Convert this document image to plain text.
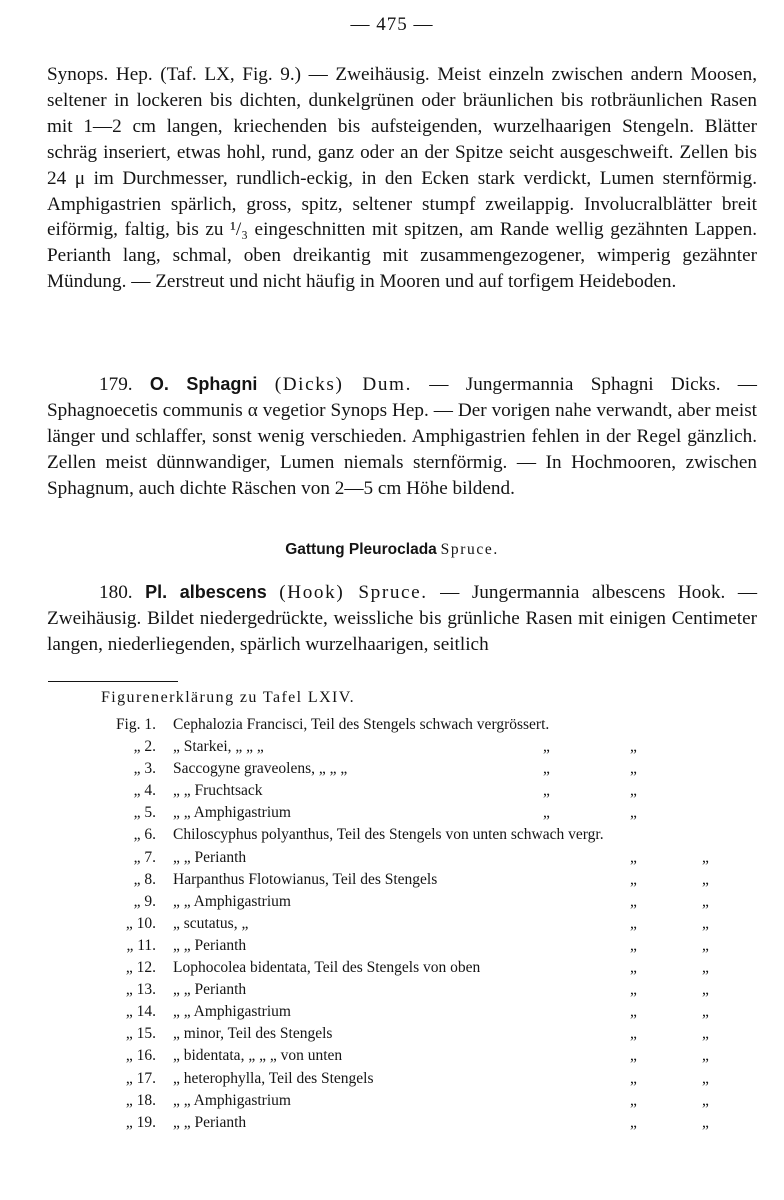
— 475 —

Synops. Hep. (Taf. LX, Fig. 9.) — Zweihäusig. Meist einzeln zwischen andern Moosen, seltener in lockeren bis dichten, dunkelgrünen oder bräunlichen bis rotbräunlichen Rasen mit 1—2 cm langen, kriechenden bis aufsteigenden, wurzelhaarigen Stengeln. Blätter schräg inseriert, etwas hohl, rund, ganz oder an der Spitze seicht ausgeschweift. Zellen bis 24 μ im Durchmesser, rundlich-eckig, in den Ecken stark verdickt, Lumen sternförmig. Amphigastrien spärlich, gross, spitz, seltener stumpf zweilappig. Involucralblätter breit eiförmig, faltig, bis zu ¹/₃ eingeschnitten mit spitzen, am Rande wellig gezähnten Lappen. Perianth lang, schmal, oben dreikantig mit zusammengezogener, wimperig gezähnter Mündung. — Zerstreut und nicht häufig in Mooren und auf torfigem Heideboden.

179. O. Sphagni (Dicks) Dum. — Jungermannia Sphagni Dicks. — Sphagnoecetis communis α vegetior Synops Hep. — Der vorigen nahe verwandt, aber meist länger und schlaffer, sonst wenig verschieden. Amphigastrien fehlen in der Regel gänzlich. Zellen meist dünnwandiger, Lumen niemals sternförmig. — In Hochmooren, zwischen Sphagnum, auch dichte Räschen von 2—5 cm Höhe bildend.

Gattung Pleuroclada Spruce.

180. Pl. albescens (Hook) Spruce. — Jungermannia albescens Hook. — Zweihäusig. Bildet niedergedrückte, weissliche bis grünliche Rasen mit einigen Centimeter langen, niederliegenden, spärlich wurzelhaarigen, seitlich

Figurenerklärung zu Tafel LXIV.
Fig. 1. Cephalozia Francisci, Teil des Stengels schwach vergrössert.
„ 2. „ Starkei, „ „ „	„	„
„ 3. Saccogyne graveolens, „ „ „	„	„
„ 4. „ „ Fruchtsack	„	„
„ 5. „ „ Amphigastrium	„	„
„ 6. Chiloscyphus polyanthus, Teil des Stengels von unten schwach vergr.
„ 7. „ „ Perianth	„	„
„ 8. Harpanthus Flotowianus, Teil des Stengels	„	„
„ 9. „ „ Amphigastrium	„	„
„ 10. „ scutatus, „	„	„
„ 11. „ „ Perianth	„	„
„ 12. Lophocolea bidentata, Teil des Stengels von oben	„	„
„ 13. „ „ Perianth	„	„
„ 14. „ „ Amphigastrium	„	„
„ 15. „ minor, Teil des Stengels	„	„
„ 16. „ bidentata, „ „ „ von unten	„	„
„ 17. „ heterophylla, Teil des Stengels	„	„
„ 18. „ „ Amphigastrium	„	„
„ 19. „ „ Perianth	„	„
